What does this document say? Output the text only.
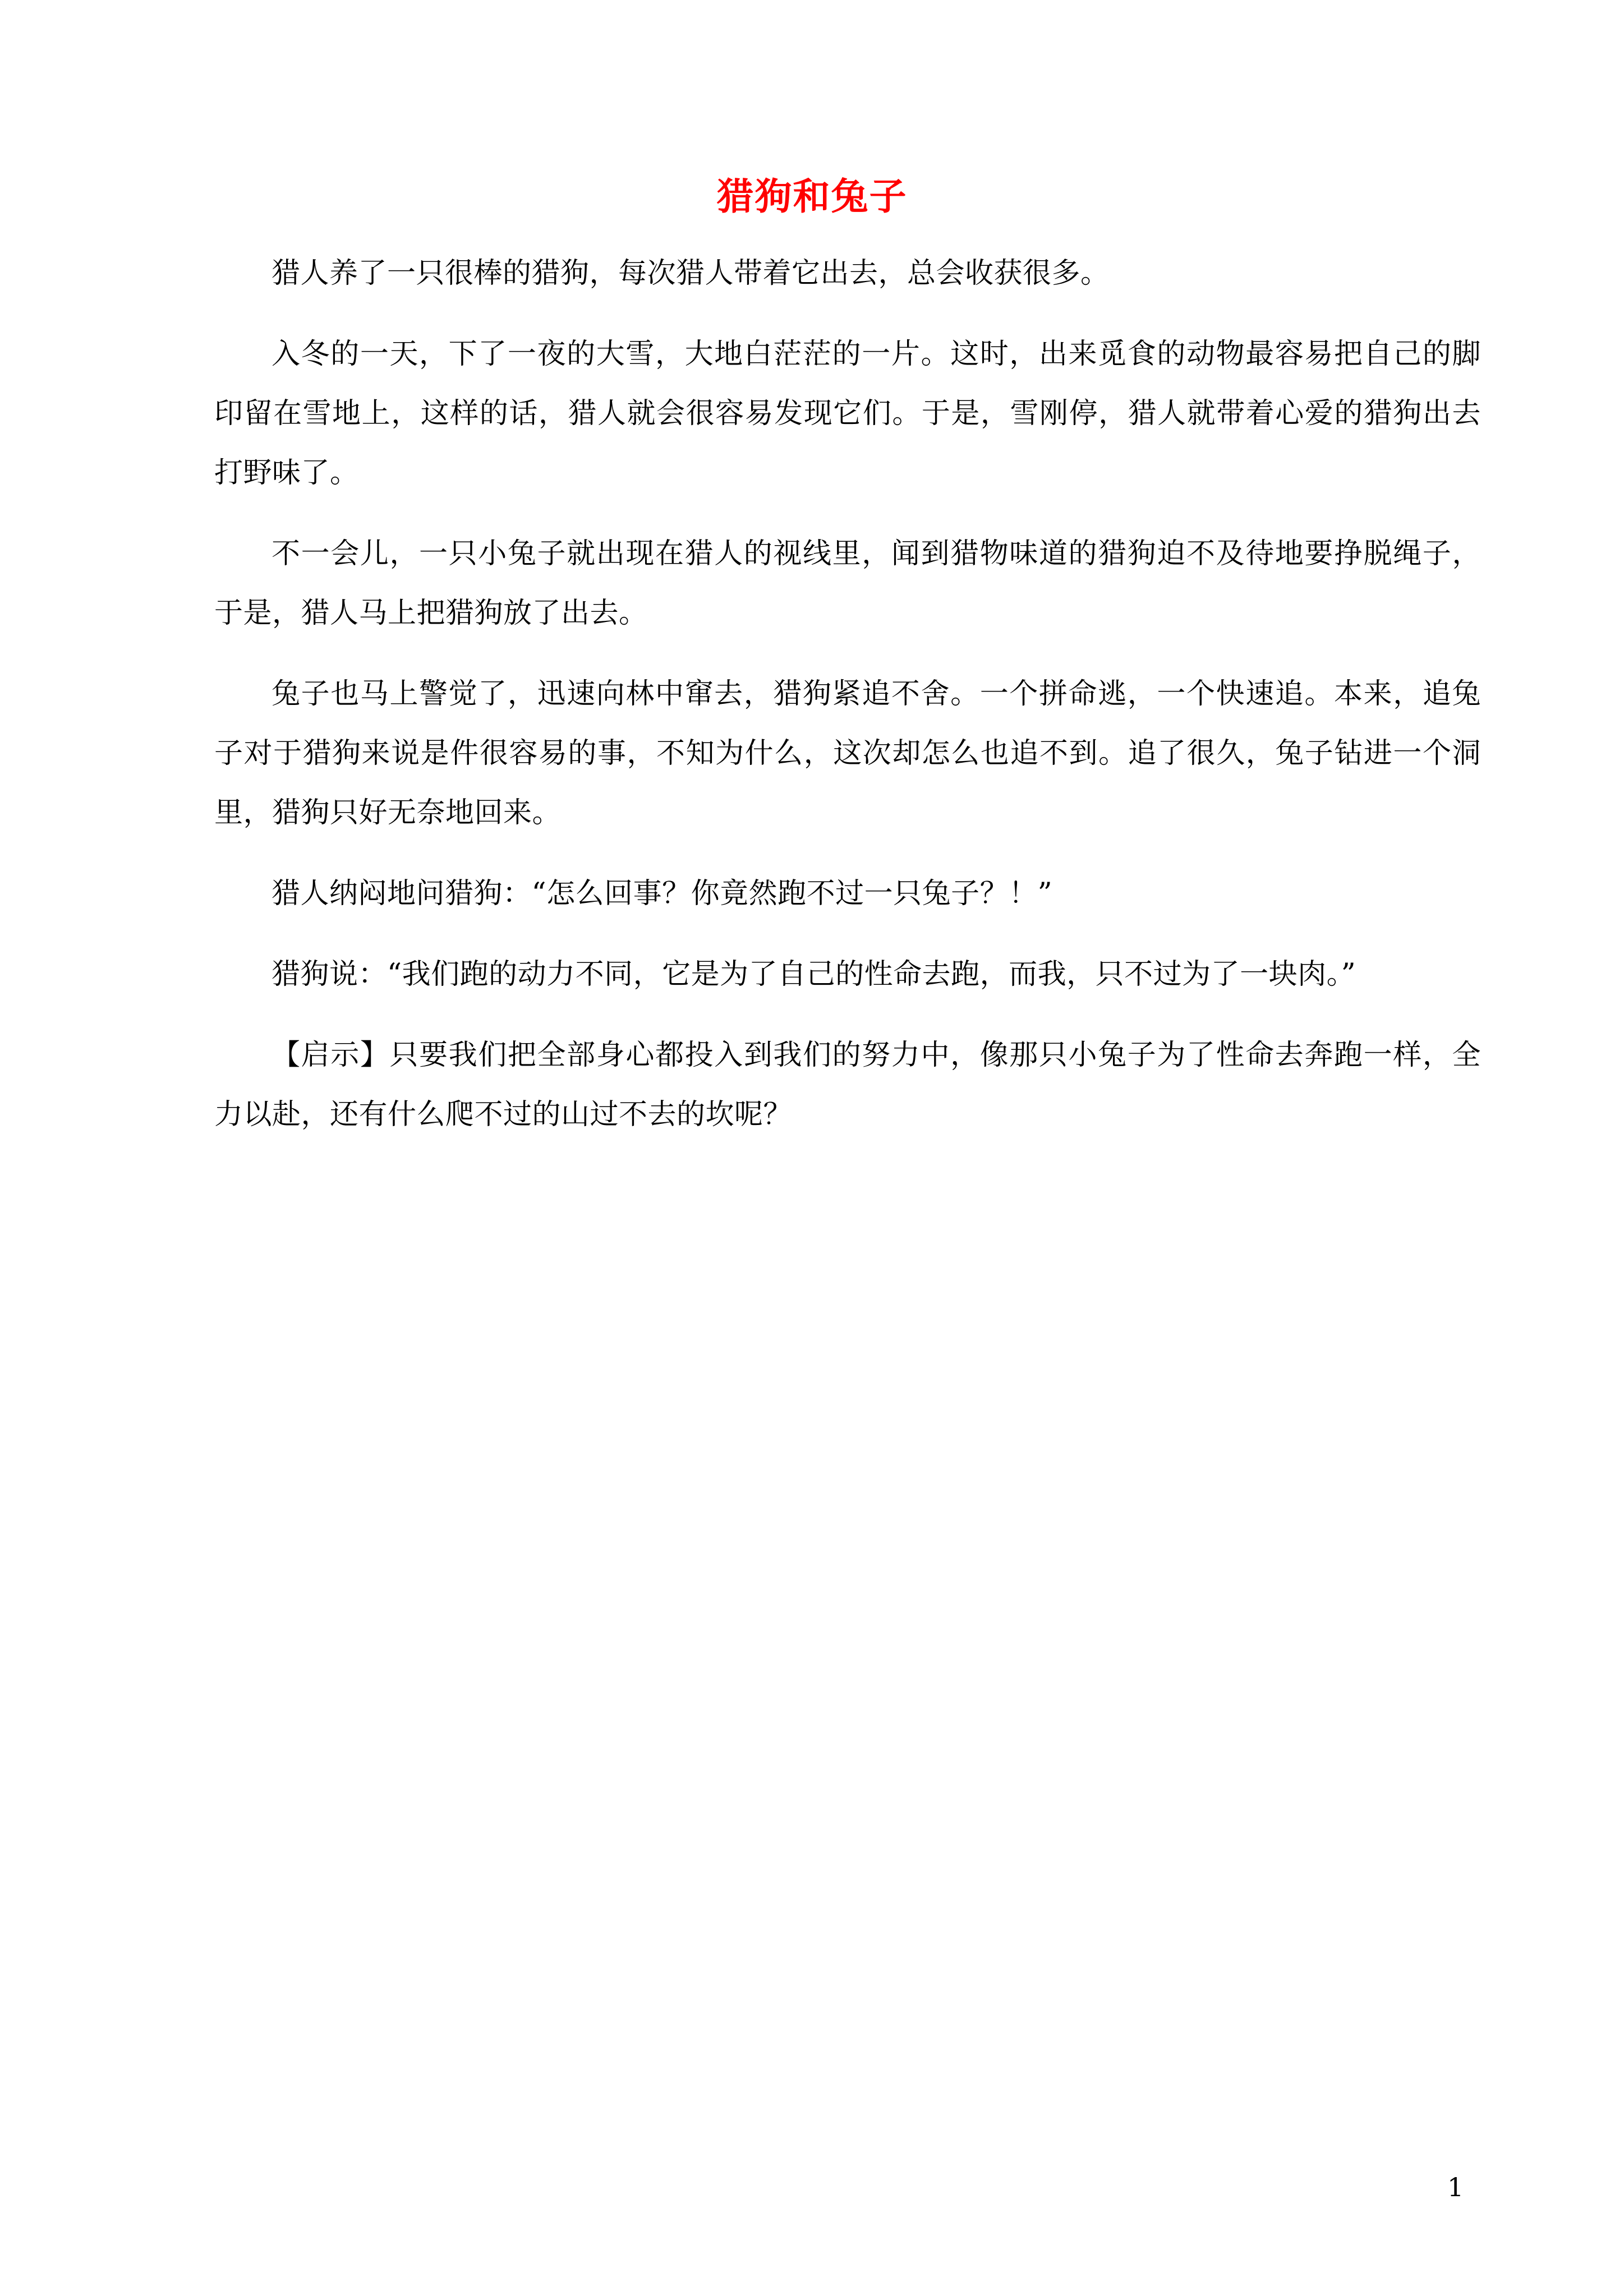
猎狗和兔子

猎人养了一只很棒的猎狗，每次猎人带着它出去，总会收获很多。

入冬的一天，下了一夜的大雪，大地白茫茫的一片。这时，出来觅食的动物最容易把自己的脚印留在雪地上，这样的话，猎人就会很容易发现它们。于是，雪刚停，猎人就带着心爱的猎狗出去打野味了。

不一会儿，一只小兔子就出现在猎人的视线里，闻到猎物味道的猎狗迫不及待地要挣脱绳子，于是，猎人马上把猎狗放了出去。

兔子也马上警觉了，迅速向林中窜去，猎狗紧追不舍。一个拼命逃，一个快速追。本来，追兔子对于猎狗来说是件很容易的事，不知为什么，这次却怎么也追不到。追了很久，兔子钻进一个洞里，猎狗只好无奈地回来。

猎人纳闷地问猎狗：“怎么回事？你竟然跑不过一只兔子？！”

猎狗说：“我们跑的动力不同，它是为了自己的性命去跑，而我，只不过为了一块肉。”

【启示】只要我们把全部身心都投入到我们的努力中，像那只小兔子为了性命去奔跑一样，全力以赴，还有什么爬不过的山过不去的坎呢？

1
